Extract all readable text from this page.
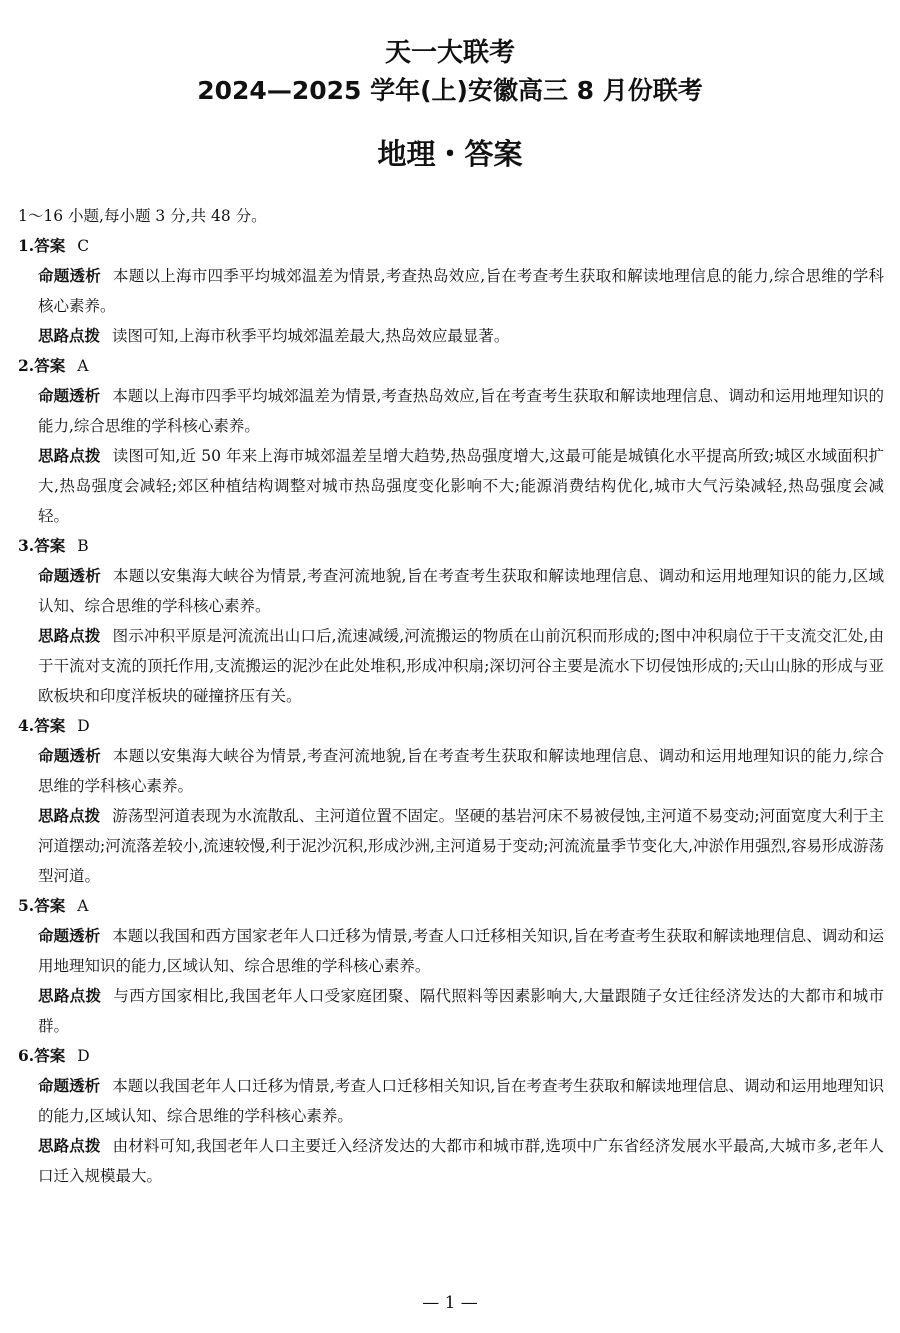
天一大联考
2024—2025 学年(上)安徽高三 8 月份联考
地理・答案

1～16 小题,每小题 3 分,共 48 分。

1.答案 C

命题透析 本题以上海市四季平均城郊温差为情景,考查热岛效应,旨在考查考生获取和解读地理信息的能力,综合思维的学科核心素养。

思路点拨 读图可知,上海市秋季平均城郊温差最大,热岛效应最显著。

2.答案 A

命题透析 本题以上海市四季平均城郊温差为情景,考查热岛效应,旨在考查考生获取和解读地理信息、调动和运用地理知识的能力,综合思维的学科核心素养。

思路点拨 读图可知,近 50 年来上海市城郊温差呈增大趋势,热岛强度增大,这最可能是城镇化水平提高所致;城区水域面积扩大,热岛强度会减轻;郊区种植结构调整对城市热岛强度变化影响不大;能源消费结构优化,城市大气污染减轻,热岛强度会减轻。

3.答案 B

命题透析 本题以安集海大峡谷为情景,考查河流地貌,旨在考查考生获取和解读地理信息、调动和运用地理知识的能力,区域认知、综合思维的学科核心素养。

思路点拨 图示冲积平原是河流流出山口后,流速减缓,河流搬运的物质在山前沉积而形成的;图中冲积扇位于干支流交汇处,由于干流对支流的顶托作用,支流搬运的泥沙在此处堆积,形成冲积扇;深切河谷主要是流水下切侵蚀形成的;天山山脉的形成与亚欧板块和印度洋板块的碰撞挤压有关。

4.答案 D

命题透析 本题以安集海大峡谷为情景,考查河流地貌,旨在考查考生获取和解读地理信息、调动和运用地理知识的能力,综合思维的学科核心素养。

思路点拨 游荡型河道表现为水流散乱、主河道位置不固定。坚硬的基岩河床不易被侵蚀,主河道不易变动;河面宽度大利于主河道摆动;河流落差较小,流速较慢,利于泥沙沉积,形成沙洲,主河道易于变动;河流流量季节变化大,冲淤作用强烈,容易形成游荡型河道。

5.答案 A

命题透析 本题以我国和西方国家老年人口迁移为情景,考查人口迁移相关知识,旨在考查考生获取和解读地理信息、调动和运用地理知识的能力,区域认知、综合思维的学科核心素养。

思路点拨 与西方国家相比,我国老年人口受家庭团聚、隔代照料等因素影响大,大量跟随子女迁往经济发达的大都市和城市群。

6.答案 D

命题透析 本题以我国老年人口迁移为情景,考查人口迁移相关知识,旨在考查考生获取和解读地理信息、调动和运用地理知识的能力,区域认知、综合思维的学科核心素养。

思路点拨 由材料可知,我国老年人口主要迁入经济发达的大都市和城市群,选项中广东省经济发展水平最高,大城市多,老年人口迁入规模最大。

— 1 —
